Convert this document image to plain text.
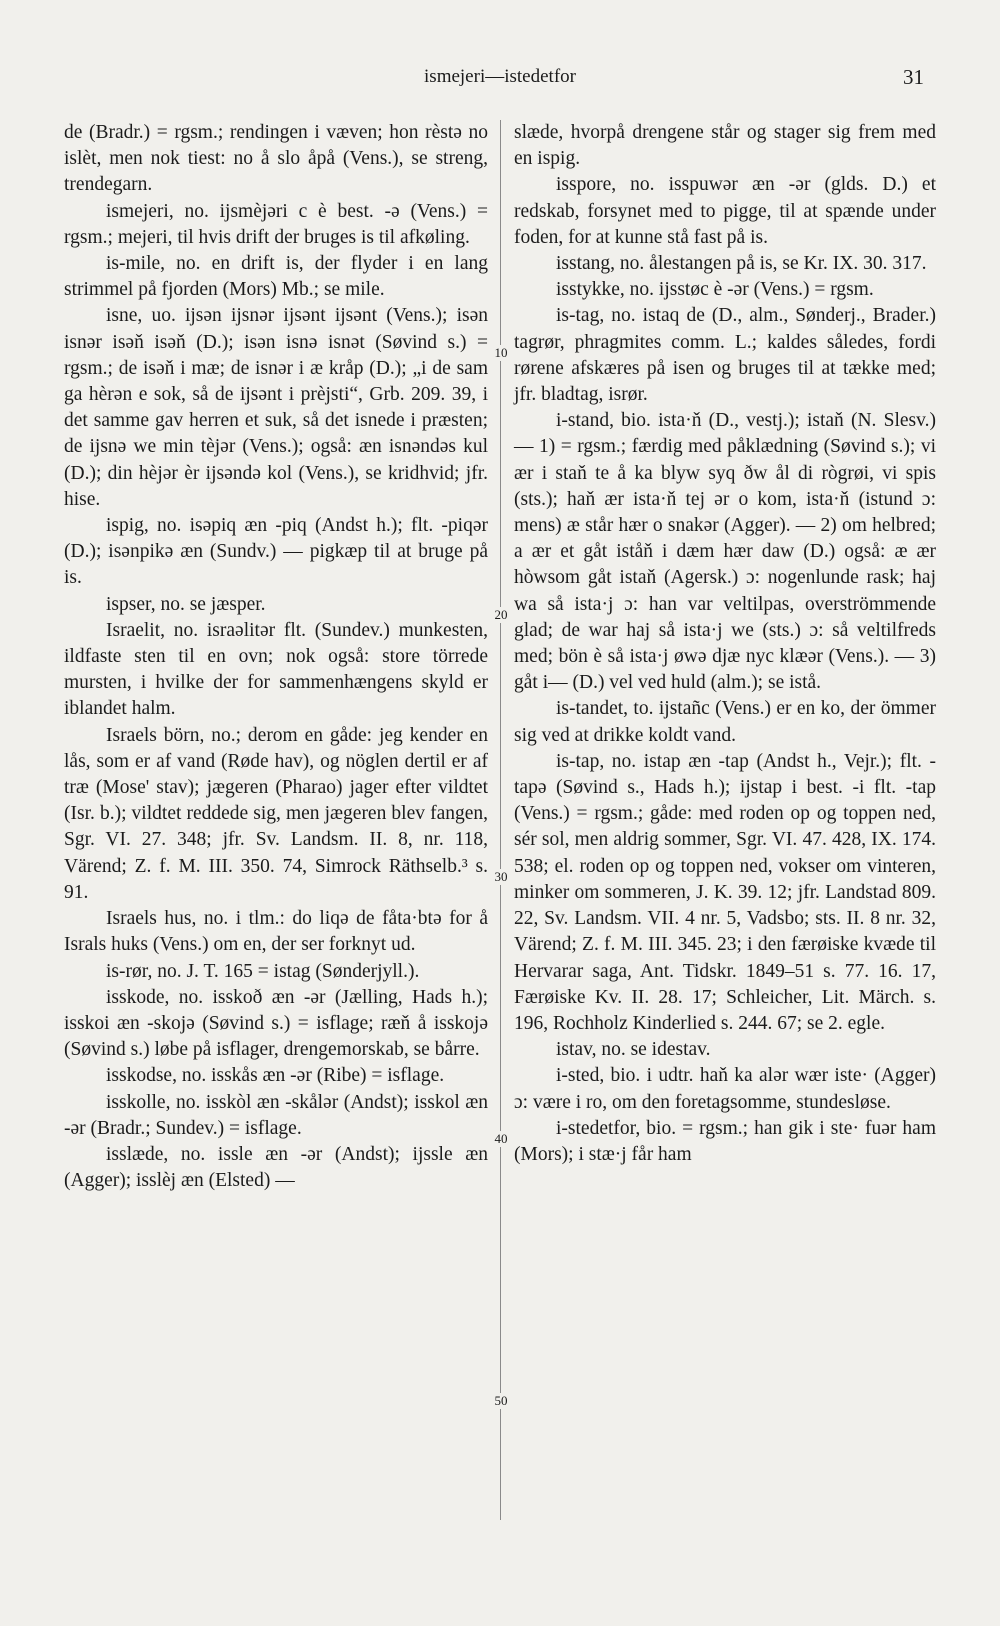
ismejeri—istedetfor	31

de (Bradr.) = rgsm.; rendingen i væven; hon rèstə no islèt, men nok tiest: no å slo åpå (Vens.), se streng, trendegarn.

ismejeri, no. ijsmèjəri c è best. -ə (Vens.) = rgsm.; mejeri, til hvis drift der bruges is til afkøling.

is-mile, no. en drift is, der flyder i en lang strimmel på fjorden (Mors) Mb.; se mile.

isne, uo. ijsən ijsnər ijsənt ijsənt (Vens.); isən isnər isəň isəň (D.); isən isnə isnət (Søvind s.) = rgsm.; de isəň i mæ; de isnər i æ kråp (D.); „i de sam ga hèrən e sok, så de ijsənt i prèjsti“, Grb. 209. 39, i det samme gav herren et suk, så det isnede i præsten; de ijsnə we min tèjər (Vens.); også: æn isnəndəs kul (D.); din hèjər èr ijsəndə kol (Vens.), se kridhvid; jfr. hise.

ispig, no. isəpiq æn -piq (Andst h.); flt. -piqər (D.); isənpikə æn (Sundv.) — pigkæp til at bruge på is.

ispser, no. se jæsper.

Israelit, no. israəlitər flt. (Sundev.) munkesten, ildfaste sten til en ovn; nok også: store törrede mursten, i hvilke der for sammenhængens skyld er iblandet halm.

Israels börn, no.; derom en gåde: jeg kender en lås, som er af vand (Røde hav), og nöglen dertil er af træ (Mose' stav); jægeren (Pharao) jager efter vildtet (Isr. b.); vildtet reddede sig, men jægeren blev fangen, Sgr. VI. 27. 348; jfr. Sv. Landsm. II. 8, nr. 118, Värend; Z. f. M. III. 350. 74, Simrock Räthselb.³ s. 91.

Israels hus, no. i tlm.: do liqə de fåta·btə for å Israls huks (Vens.) om en, der ser forknyt ud.

is-rør, no. J. T. 165 = istag (Sønderjyll.).

isskode, no. isskoð æn -ər (Jælling, Hads h.); isskoi æn -skojə (Søvind s.) = isflage; ræň å isskojə (Søvind s.) løbe på isflager, drengemorskab, se bårre.

isskodse, no. isskås æn -ər (Ribe) = isflage.

isskolle, no. isskòl æn -skålər (Andst); isskol æn -ər (Bradr.; Sundev.) = isflage.

isslæde, no. issle æn -ər (Andst); ijssle æn (Agger); isslèj æn (Elsted) —

slæde, hvorpå drengene står og stager sig frem med en ispig.

isspore, no. isspuwər æn -ər (glds. D.) et redskab, forsynet med to pigge, til at spænde under foden, for at kunne stå fast på is.

isstang, no. ålestangen på is, se Kr. IX. 30. 317.

isstykke, no. ijsstøc è -ər (Vens.) = rgsm.

is-tag, no. istaq de (D., alm., Sønderj., Brader.) tagrør, phragmites comm. L.; kaldes således, fordi rørene afskæres på isen og bruges til at tække med; jfr. bladtag, isrør.

i-stand, bio. ista·ň (D., vestj.); istaň (N. Slesv.) — 1) = rgsm.; færdig med påklædning (Søvind s.); vi ær i staň te å ka blyw syq ðw ål di rògrøi, vi spis (sts.); haň ær ista·ň tej ər o kom, ista·ň (istund ɔ: mens) æ står hær o snakər (Agger). — 2) om helbred; a ær et gåt iståň i dæm hær daw (D.) også: æ ær hòwsom gåt istaň (Agersk.) ɔ: nogenlunde rask; haj wa så ista·j ɔ: han var veltilpas, overströmmende glad; de war haj så ista·j we (sts.) ɔ: så veltilfreds med; bön è så ista·j øwə djæ nyc klæər (Vens.). — 3) gåt i— (D.) vel ved huld (alm.); se istå.

is-tandet, to. ijstañc (Vens.) er en ko, der ömmer sig ved at drikke koldt vand.

is-tap, no. istap æn -tap (Andst h., Vejr.); flt. -tapə (Søvind s., Hads h.); ijstap i best. -i flt. -tap (Vens.) = rgsm.; gåde: med roden op og toppen ned, sér sol, men aldrig sommer, Sgr. VI. 47. 428, IX. 174. 538; el. roden op og toppen ned, vokser om vinteren, minker om sommeren, J. K. 39. 12; jfr. Landstad 809. 22, Sv. Landsm. VII. 4 nr. 5, Vadsbo; sts. II. 8 nr. 32, Värend; Z. f. M. III. 345. 23; i den færøiske kvæde til Hervarar saga, Ant. Tidskr. 1849–51 s. 77. 16. 17, Færøiske Kv. II. 28. 17; Schleicher, Lit. Märch. s. 196, Rochholz Kinderlied s. 244. 67; se 2. egle.

istav, no. se idestav.

i-sted, bio. i udtr. haň ka alər wær iste· (Agger) ɔ: være i ro, om den foretagsomme, stundesløse.

i-stedetfor, bio. = rgsm.; han gik i ste· fuər ham (Mors); i stæ·j får ham

10
20
30
40
50
